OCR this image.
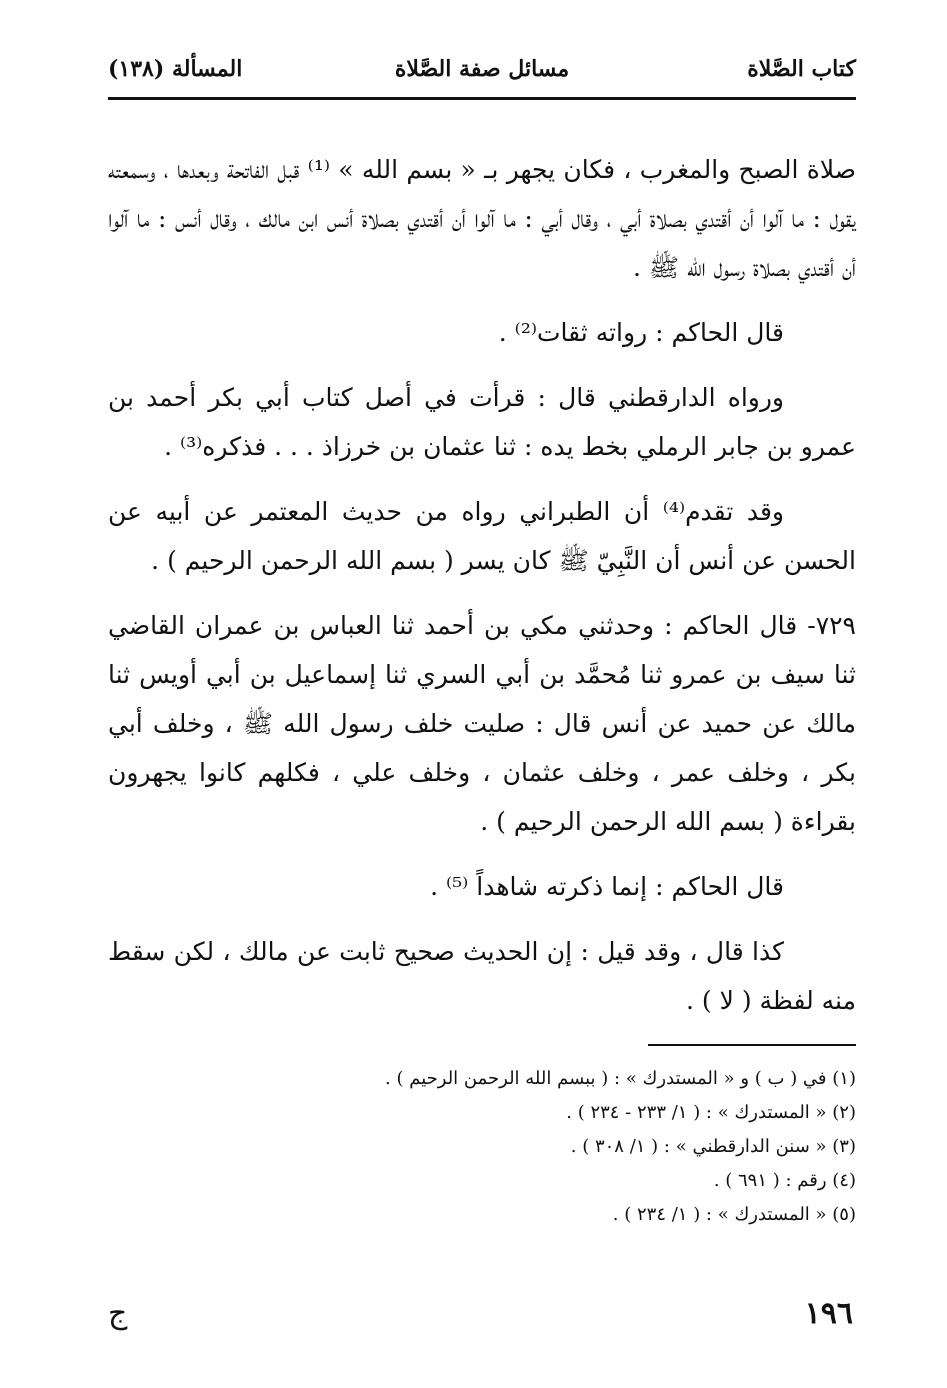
كتاب الصَّلاة
مسائل صفة الصَّلاة
المسألة (١٣٨)

صلاة الصبح والمغرب ، فكان يجهر بـ « بسم الله » ⁽¹⁾ قبل الفاتحة وبعدها ، وسمعته يقول : ما آلوا أن أقتدي بصلاة أبي ، وقال أبي : ما آلوا أن أقتدي بصلاة أنس ابن مالك ، وقال أنس : ما آلوا أن أقتدي بصلاة رسول الله ﷺ .

قال الحاكم : رواته ثقات⁽²⁾ .

ورواه الدارقطني قال : قرأت في أصل كتاب أبي بكر أحمد بن عمرو بن جابر الرملي بخط يده : ثنا عثمان بن خرزاذ . . . فذكره⁽³⁾ .

وقد تقدم⁽⁴⁾ أن الطبراني رواه من حديث المعتمر عن أبيه عن الحسن عن أنس أن النَّبِيّ ﷺ كان يسر ( بسم الله الرحمن الرحيم ) .

٧٢٩- قال الحاكم : وحدثني مكي بن أحمد ثنا العباس بن عمران القاضي ثنا سيف بن عمرو ثنا مُحمَّد بن أبي السري ثنا إسماعيل بن أبي أويس ثنا مالك عن حميد عن أنس قال : صليت خلف رسول الله ﷺ ، وخلف أبي بكر ، وخلف عمر ، وخلف عثمان ، وخلف علي ، فكلهم كانوا يجهرون بقراءة ( بسم الله الرحمن الرحيم ) .

قال الحاكم : إنما ذكرته شاهداً ⁽⁵⁾ .

كذا قال ، وقد قيل : إن الحديث صحيح ثابت عن مالك ، لكن سقط منه لفظة ( لا ) .

(١) في ( ب ) و « المستدرك » : ( ببسم الله الرحمن الرحيم ) .
(٢) « المستدرك » : ( ١/ ٢٣٣ - ٢٣٤ ) .
(٣) « سنن الدارقطني » : ( ١/ ٣٠٨ ) .
(٤) رقم : ( ٦٩١ ) .
(٥) « المستدرك » : ( ١/ ٢٣٤ ) .
١٩٦
ج
